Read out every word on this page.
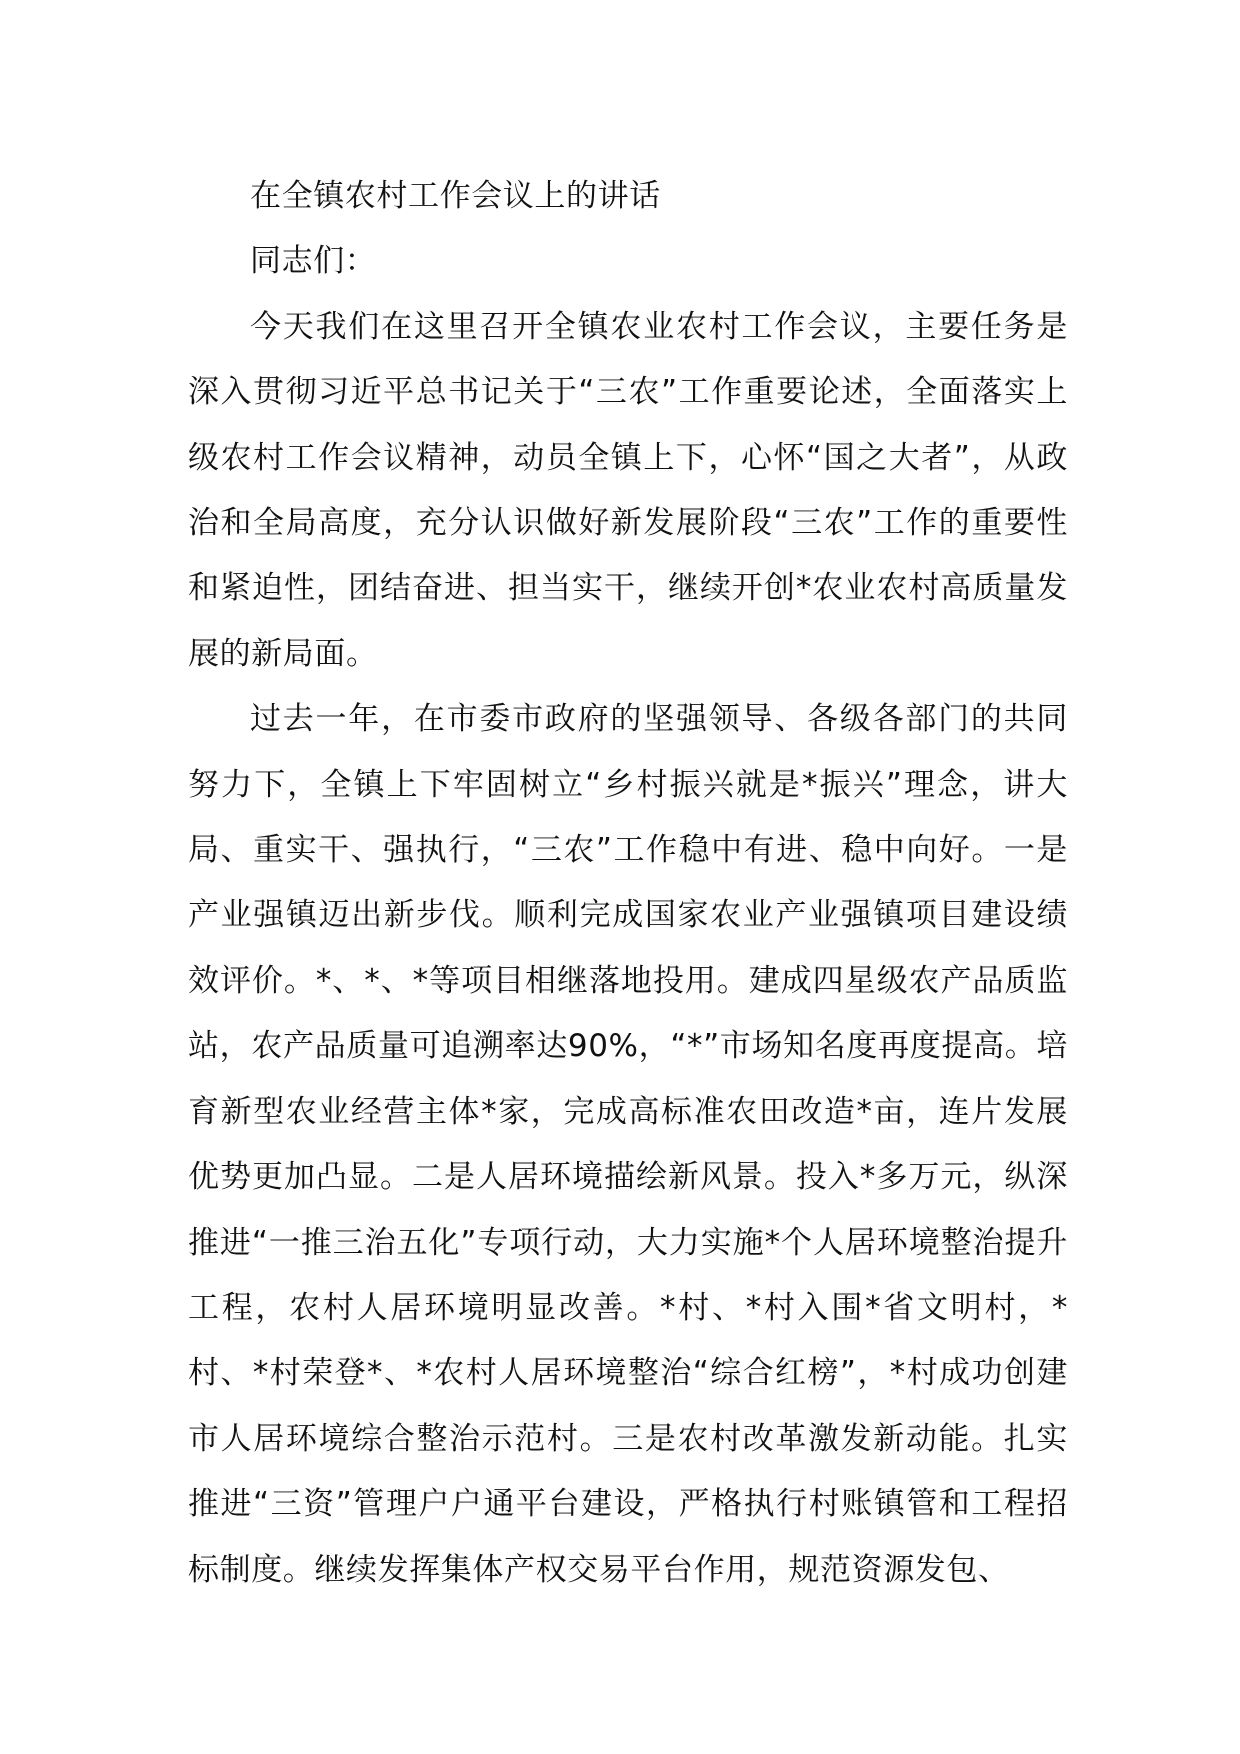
在全镇农村工作会议上的讲话

同志们：

今天我们在这里召开全镇农业农村工作会议，主要任务是深入贯彻习近平总书记关于“三农”工作重要论述，全面落实上级农村工作会议精神，动员全镇上下，心怀“国之大者”，从政治和全局高度，充分认识做好新发展阶段“三农”工作的重要性和紧迫性，团结奋进、担当实干，继续开创*农业农村高质量发展的新局面。

过去一年，在市委市政府的坚强领导、各级各部门的共同努力下，全镇上下牢固树立“乡村振兴就是*振兴”理念，讲大局、重实干、强执行，“三农”工作稳中有进、稳中向好。一是产业强镇迈出新步伐。顺利完成国家农业产业强镇项目建设绩效评价。*、*、*等项目相继落地投用。建成四星级农产品质监站，农产品质量可追溯率达90%，“*”市场知名度再度提高。培育新型农业经营主体*家，完成高标准农田改造*亩，连片发展优势更加凸显。二是人居环境描绘新风景。投入*多万元，纵深推进“一推三治五化”专项行动，大力实施*个人居环境整治提升工程，农村人居环境明显改善。*村、*村入围*省文明村，*村、*村荣登*、*农村人居环境整治“综合红榜”，*村成功创建市人居环境综合整治示范村。三是农村改革激发新动能。扎实推进“三资”管理户户通平台建设，严格执行村账镇管和工程招标制度。继续发挥集体产权交易平台作用，规范资源发包、
